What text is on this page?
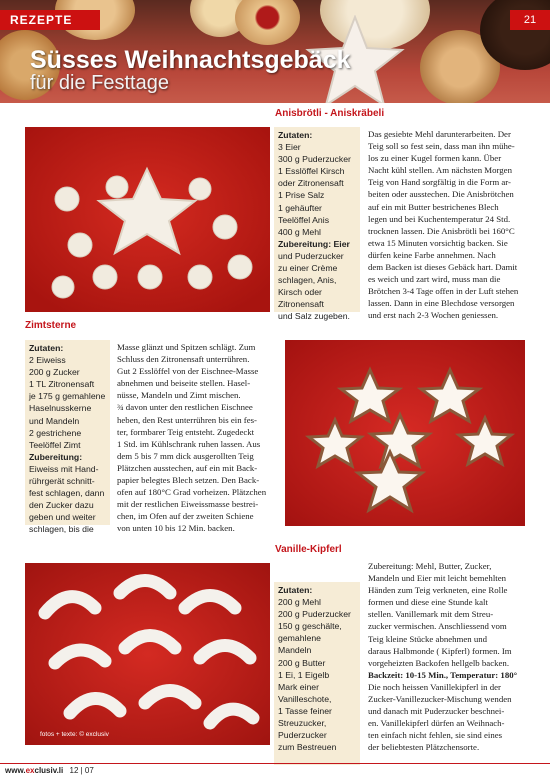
REZEPTE	21
Süsses Weihnachtsgebäck
für die Festtage
Anisbrötli - Aniskräbeli
Zutaten:
3 Eier
300 g Puderzucker
1 Esslöffel Kirsch
oder Zitronensaft
1 Prise Salz
1 gehäufter
Teelöffel Anis
400 g Mehl
Zubereitung: Eier
und Puderzucker
zu einer Crème
schlagen, Anis,
Kirsch oder
Zitronensaft
und Salz zugeben.
Das gesiebte Mehl darunterarbeiten. Der
Teig soll so fest sein, dass man ihn mühe-
los zu einer Kugel formen kann. Über
Nacht kühl stellen. Am nächsten Morgen
Teig von Hand sorgfältig in die Form ar-
beiten oder ausstechen. Die Anisbrötchen
auf ein mit Butter bestrichenes Blech
legen und bei Kuchentemperatur 24 Std.
trocknen lassen. Die Anisbrötli bei 160°C
etwa 15 Minuten vorsichtig backen. Sie
dürfen keine Farbe annehmen. Nach
dem Backen ist dieses Gebäck hart. Damit
es weich und zart wird, muss man die
Brötchen 3-4 Tage offen in der Luft stehen
lassen. Dann in eine Blechdose versorgen
und erst nach 2-3 Wochen geniessen.
Zimtsterne
Zutaten:
2 Eiweiss
200 g Zucker
1 TL Zitronensaft
je 175 g gemahlene
Haselnusskerne
und Mandeln
2 gestrichene
Teelöffel Zimt
Zubereitung:
Eiweiss mit Hand-
rührgerät schnitt-
fest schlagen, dann
den Zucker dazu
geben und weiter
schlagen, bis die
Masse glänzt und Spitzen schlägt. Zum
Schluss den Zitronensaft unterrühren.
Gut 2 Esslöffel von der Eischnee-Masse
abnehmen und beiseite stellen. Hasel-
nüsse, Mandeln und Zimt mischen.
¾ davon unter den restlichen Eischnee
heben, den Rest unterrühren bis ein fes-
ter, formbarer Teig entsteht. Zugedeckt
1 Std. im Kühlschrank ruhen lassen. Aus
dem 5 bis 7 mm dick ausgerollten Teig
Plätzchen ausstechen, auf ein mit Back-
papier belegtes Blech setzen. Den Back-
ofen auf 180°C Grad vorheizen. Plätzchen
mit der restlichen Eiweissmasse bestrei-
chen, im Ofen auf der zweiten Schiene
von unten 10 bis 12 Min. backen.
Vanille-Kipferl
fotos + texte: © exclusiv
Zutaten:
200 g Mehl
200 g Puderzucker
150 g geschälte,
gemahlene
Mandeln
200 g Butter
1 Ei, 1 Eigelb
Mark einer
Vanilleschote,
1 Tasse feiner
Streuzucker,
Puderzucker
zum Bestreuen
Zubereitung: Mehl, Butter, Zucker,
Mandeln und Eier mit leicht bemehlten
Händen zum Teig verkneten, eine Rolle
formen und diese eine Stunde kalt
stellen. Vanillemark mit dem Streu-
zucker vermischen. Anschliessend vom
Teig kleine Stücke abnehmen und
daraus Halbmonde ( Kipferl) formen. Im
vorgeheizten Backofen hellgelb backen.
Backzeit: 10-15 Min., Temperatur: 180°
Die noch heissen Vanillekipferl in der
Zucker-Vanillezucker-Mischung wenden
und danach mit Puderzucker beschnei-
en. Vanillekipferl dürfen an Weihnach-
ten einfach nicht fehlen, sie sind eines
der beliebtesten Plätzchensorte.
www.exclusiv.li 12 | 07
